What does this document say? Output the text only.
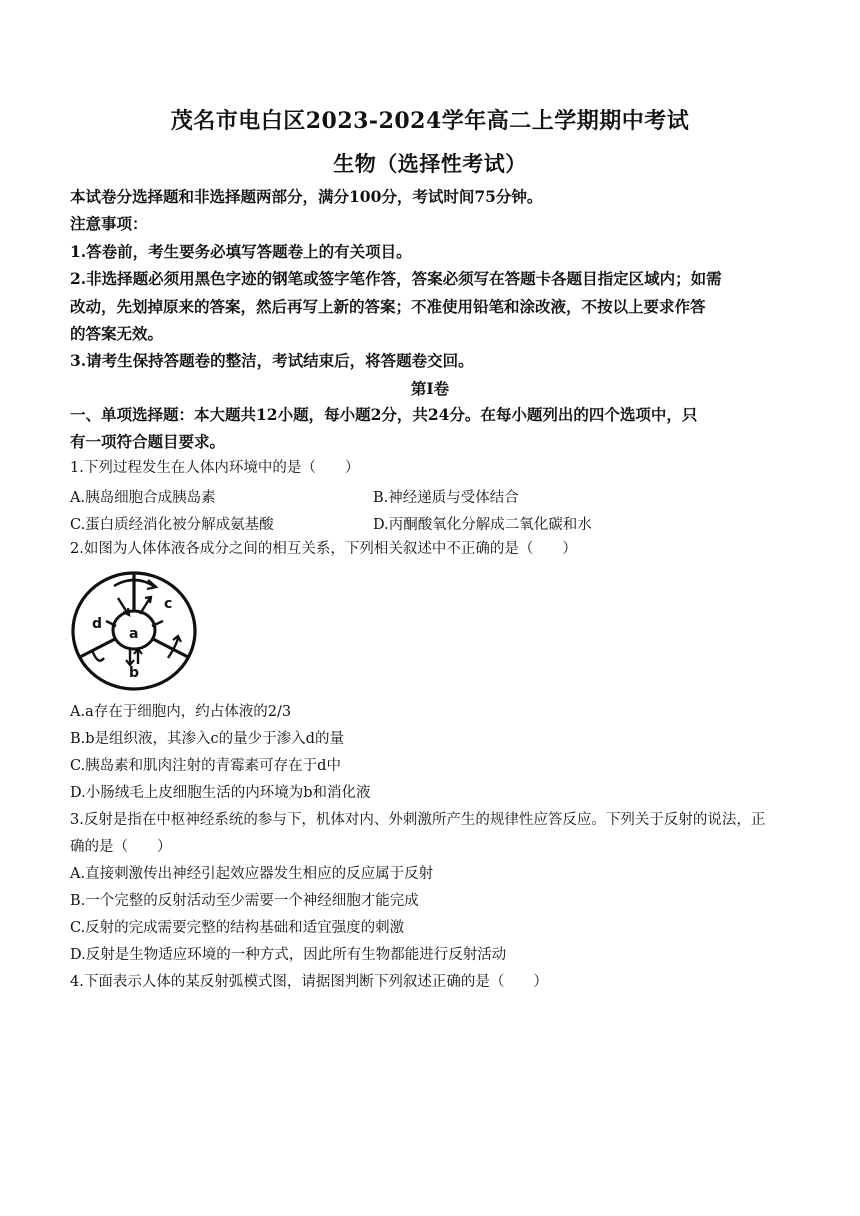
茂名市电白区2023-2024学年高二上学期期中考试
生物（选择性考试）
本试卷分选择题和非选择题两部分，满分100分，考试时间75分钟。
注意事项：
1.答卷前，考生要务必填写答题卷上的有关项目。
2.非选择题必须用黑色字迹的钢笔或签字笔作答，答案必须写在答题卡各题目指定区域内；如需
改动，先划掉原来的答案，然后再写上新的答案；不准使用铅笔和涂改液，不按以上要求作答
的答案无效。
3.请考生保持答题卷的整洁，考试结束后，将答题卷交回。
第Ⅰ卷
一、单项选择题：本大题共12小题，每小题2分，共24分。在每小题列出的四个选项中，只
有一项符合题目要求。
1.下列过程发生在人体内环境中的是（　　）
A.胰岛细胞合成胰岛素	B.神经递质与受体结合
C.蛋白质经消化被分解成氨基酸	D.丙酮酸氧化分解成二氧化碳和水
2.如图为人体体液各成分之间的相互关系，下列相关叙述中不正确的是（　　）
a
b
c
d
A.a存在于细胞内，约占体液的2/3
B.b是组织液，其渗入c的量少于渗入d的量
C.胰岛素和肌肉注射的青霉素可存在于d中
D.小肠绒毛上皮细胞生活的内环境为b和消化液
3.反射是指在中枢神经系统的参与下，机体对内、外刺激所产生的规律性应答反应。下列关于反射的说法，正
确的是（　　）
A.直接刺激传出神经引起效应器发生相应的反应属于反射
B.一个完整的反射活动至少需要一个神经细胞才能完成
C.反射的完成需要完整的结构基础和适宜强度的刺激
D.反射是生物适应环境的一种方式，因此所有生物都能进行反射活动
4.下面表示人体的某反射弧模式图，请据图判断下列叙述正确的是（　　）
